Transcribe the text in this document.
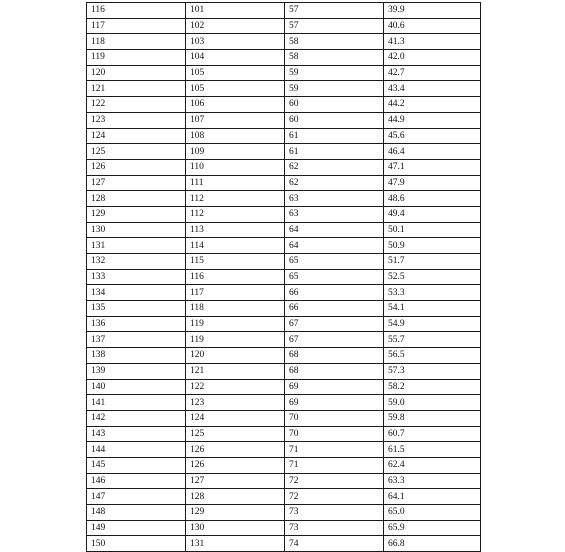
116	101	57	39.9
117	102	57	40.6
118	103	58	41.3
119	104	58	42.0
120	105	59	42.7
121	105	59	43.4
122	106	60	44.2
123	107	60	44.9
124	108	61	45.6
125	109	61	46.4
126	110	62	47.1
127	111	62	47.9
128	112	63	48.6
129	112	63	49.4
130	113	64	50.1
131	114	64	50.9
132	115	65	51.7
133	116	65	52.5
134	117	66	53.3
135	118	66	54.1
136	119	67	54.9
137	119	67	55.7
138	120	68	56.5
139	121	68	57.3
140	122	69	58.2
141	123	69	59.0
142	124	70	59.8
143	125	70	60.7
144	126	71	61.5
145	126	71	62.4
146	127	72	63.3
147	128	72	64.1
148	129	73	65.0
149	130	73	65.9
150	131	74	66.8
